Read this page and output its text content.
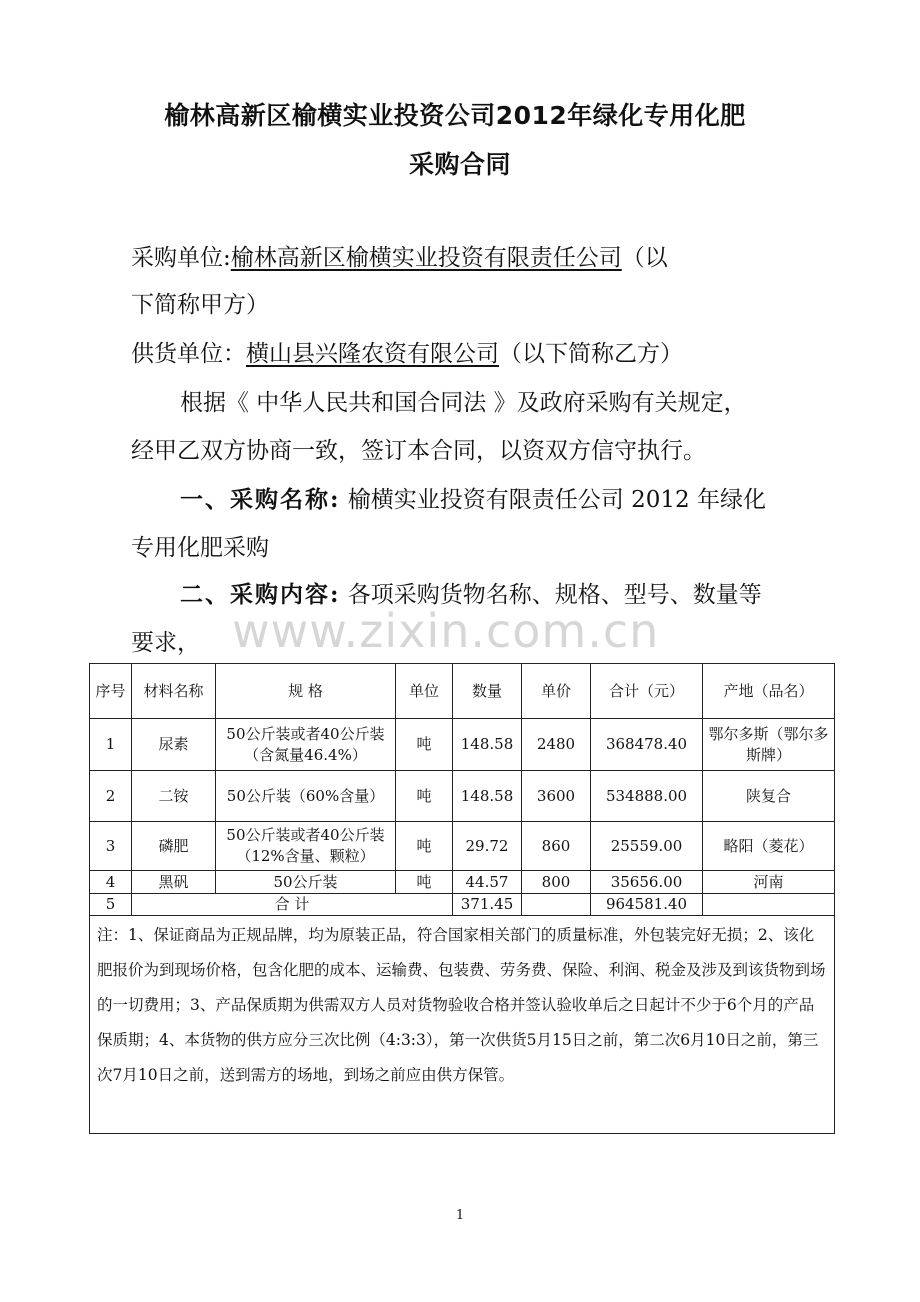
榆林高新区榆横实业投资公司2012年绿化专用化肥
采购合同
采购单位:榆林高新区榆横实业投资有限责任公司（以
下简称甲方）
供货单位：横山县兴隆农资有限公司（以下简称乙方）
根据《 中华人民共和国合同法 》及政府采购有关规定，
经甲乙双方协商一致，签订本合同，以资双方信守执行。
一、采购名称: 榆横实业投资有限责任公司 2012 年绿化
专用化肥采购
二、采购内容: 各项采购货物名称、规格、型号、数量等
要求， www.zixin.com.cn
序号	材料名称	规 格	单位	数量	单价	合计（元）	产地（品名）
1	尿素	50公斤装或者40公斤装（含氮量46.4%）	吨	148.58	2480	368478.40	鄂尔多斯（鄂尔多斯牌）
2	二铵	50公斤装（60%含量）	吨	148.58	3600	534888.00	陕复合
3	磷肥	50公斤装或者40公斤装（12%含量、颗粒）	吨	29.72	860	25559.00	略阳（菱花）
4	黑矾	50公斤装	吨	44.57	800	35656.00	河南
5	合 计			371.45		964581.40	
注：1、保证商品为正规品牌，均为原装正品，符合国家相关部门的质量标准，外包装完好无损；2、该化肥报价为到现场价格，包含化肥的成本、运输费、包装费、劳务费、保险、利润、税金及涉及到该货物到场的一切费用；3、产品保质期为供需双方人员对货物验收合格并签认验收单后之日起计不少于6个月的产品保质期；4、本货物的供方应分三次比例（4:3:3），第一次供货5月15日之前，第二次6月10日之前，第三次7月10日之前，送到需方的场地，到场之前应由供方保管。							
1
